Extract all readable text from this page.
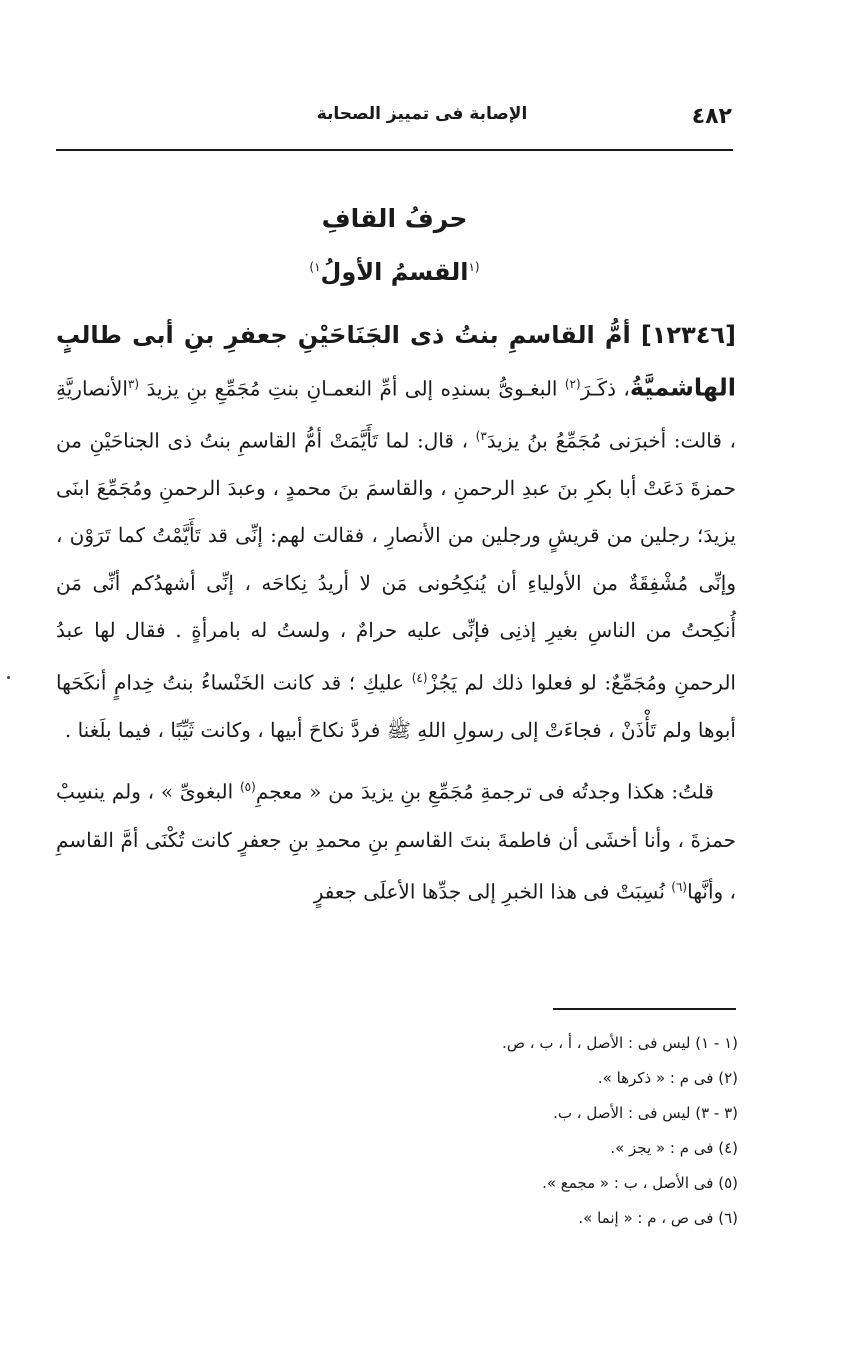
٤٨٢
الإصابة فى تمييز الصحابة
حرفُ القافِ
$^{(١}$القسمُ الأولُ$^{١)}$

[١٢٣٤٦] أمُّ القاسمِ بنتُ ذى الجَنَاحَيْنِ جعفرِ بنِ أبى طالبٍ الهاشميَّةُ، ذكَـرَ$^{(٢)}$ البغـوىُّ بسندِه إلى أمِّ النعمـانِ بنتِ مُجَمِّعِ بنِ يزيدَ $^{(٣}$الأنصاريَّةِ ، قالت: أخبرَنى مُجَمِّعُ بنُ يزيدَ$^{٣)}$ ، قال: لما تَأَيَّمَتْ أمُّ القاسمِ بنتُ ذى الجناحَيْنِ من حمزةَ دَعَتْ أبا بكرِ بنَ عبدِ الرحمنِ ، والقاسمَ بنَ محمدٍ ، وعبدَ الرحمنِ ومُجَمِّعَ ابنَى يزيدَ؛ رجلين من قريشٍ ورجلين من الأنصارِ ، فقالت لهم: إنِّى قد تَأَيَّمْتُ كما تَرَوْن ، وإنِّى مُشْفِقَةٌ من الأولياءِ أن يُنكِحُونى مَن لا أريدُ نِكاحَه ، إنِّى أشهدُكم أنِّى مَن أُنكِحتُ من الناسِ بغيرِ إذنِى فإنِّى عليه حرامٌ ، ولستُ له بامرأةٍ . فقال لها عبدُ الرحمنِ ومُجَمِّعٌ: لو فعلوا ذلك لم يَجُزْ$^{(٤)}$ عليكِ ؛ قد كانت الخَنْساءُ بنتُ خِدامٍ أنكَحَها أبوها ولم تَأْذَنْ ، فجاءَتْ إلى رسولِ اللهِ ﷺ فردَّ نكاحَ أبيها ، وكانت ثَيِّبًا ، فيما بلَغنا .

قلتُ: هكذا وجدتُه فى ترجمةِ مُجَمِّعِ بنِ يزيدَ من « معجمِ$^{(٥)}$ البغوىِّ » ، ولم ينسِبْ حمزةَ ، وأنا أخشَى أن فاطمةَ بنتَ القاسمِ بنِ محمدِ بنِ جعفرٍ كانت تُكْنَى أمَّ القاسمِ ، وأنَّها$^{(٦)}$ نُسِبَتْ فى هذا الخبرِ إلى جدِّها الأعلَى جعفرٍ

(١ - ١) ليس فى : الأصل ، أ ، ب ، ص.
(٢) فى م : « ذكرها ».
(٣ - ٣) ليس فى : الأصل ، ب.
(٤) فى م : « يجز ».
(٥) فى الأصل ، ب : « مجمع ».
(٦) فى ص ، م : « إنما ».
